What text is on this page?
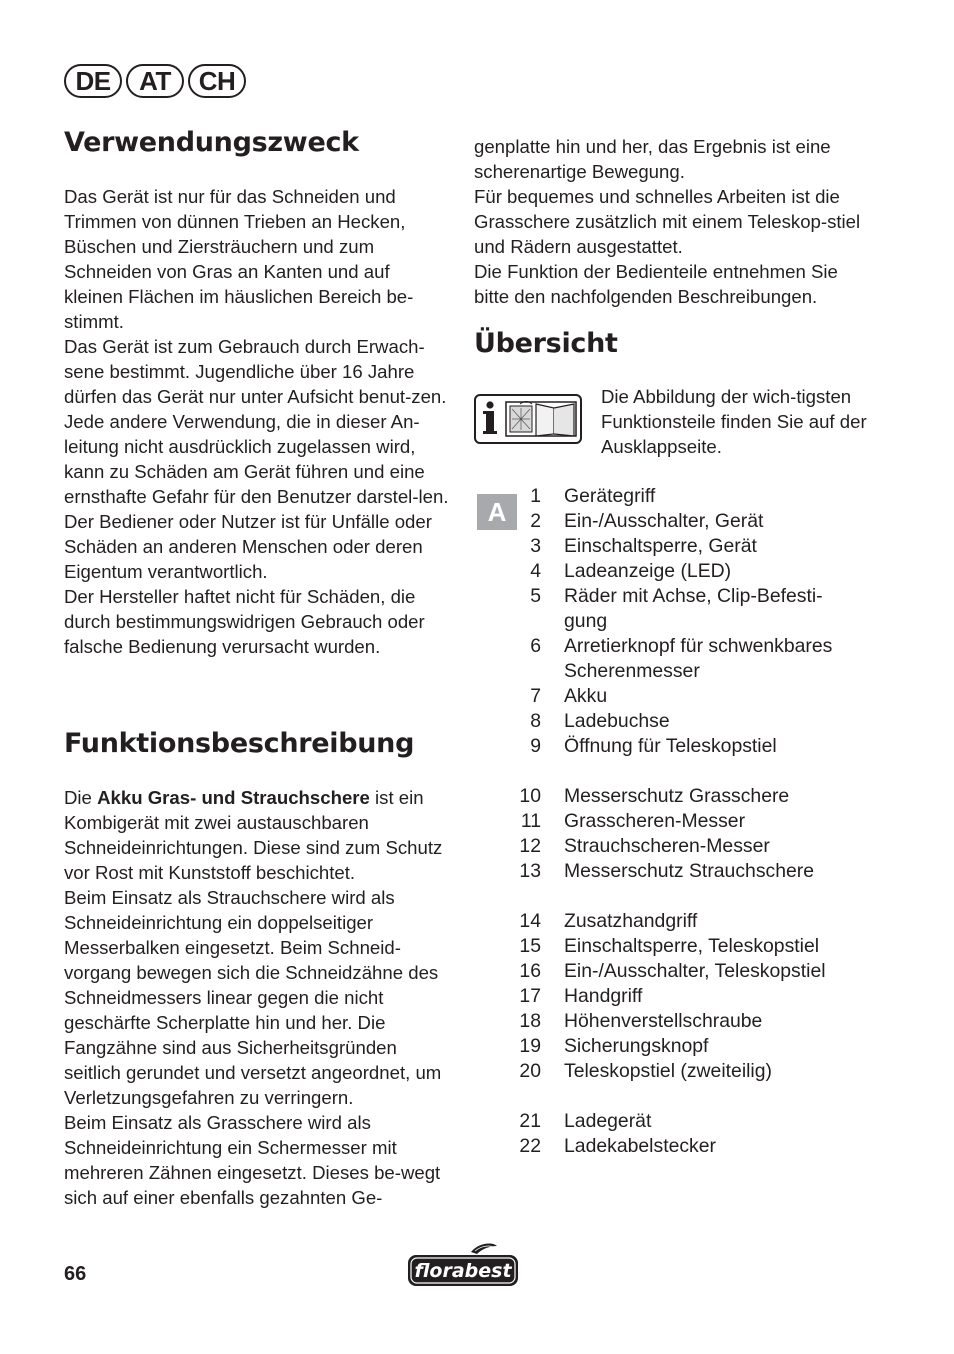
DE	AT	CH
Verwendungszweck

Das Gerät ist nur für das Schneiden und Trimmen von dünnen Trieben an Hecken, Büschen und Ziersträuchern und zum Schneiden von Gras an Kanten und auf kleinen Flächen im häuslichen Bereich be-stimmt.

Das Gerät ist zum Gebrauch durch Erwach-sene bestimmt. Jugendliche über 16 Jahre dürfen das Gerät nur unter Aufsicht benut-zen.

Jede andere Verwendung, die in dieser An-leitung nicht ausdrücklich zugelassen wird, kann zu Schäden am Gerät führen und eine ernsthafte Gefahr für den Benutzer darstel-len.

Der Bediener oder Nutzer ist für Unfälle oder Schäden an anderen Menschen oder deren Eigentum verantwortlich.

Der Hersteller haftet nicht für Schäden, die durch bestimmungswidrigen Gebrauch oder falsche Bedienung verursacht wurden.

Funktionsbeschreibung

Die Akku Gras- und Strauchschere ist ein Kombigerät mit zwei austauschbaren Schneideinrichtungen. Diese sind zum Schutz vor Rost mit Kunststoff beschichtet.

Beim Einsatz als Strauchschere wird als Schneideinrichtung ein doppelseitiger Messerbalken eingesetzt. Beim Schneid-vorgang bewegen sich die Schneidzähne des Schneidmessers linear gegen die nicht geschärfte Scherplatte hin und her. Die Fangzähne sind aus Sicherheitsgründen seitlich gerundet und versetzt angeordnet, um Verletzungsgefahren zu verringern.

Beim Einsatz als Grasschere wird als Schneideinrichtung ein Schermesser mit mehreren Zähnen eingesetzt. Dieses be-wegt sich auf einer ebenfalls gezahnten Ge-

genplatte hin und her, das Ergebnis ist eine scherenartige Bewegung.

Für bequemes und schnelles Arbeiten ist die Grasschere zusätzlich mit einem Teleskop-stiel und Rädern ausgestattet.

Die Funktion der Bedienteile entnehmen Sie bitte den nachfolgenden Beschreibungen.

Übersicht
Die Abbildung der wich-tigsten Funktionsteile finden Sie auf der Ausklappseite.
A
1 Gerätegriff
2 Ein-/Ausschalter, Gerät
3 Einschaltsperre, Gerät
4 Ladeanzeige (LED)
5 Räder mit Achse, Clip-Befesti-gung
6 Arretierknopf für schwenkbares Scherenmesser
7 Akku
8 Ladebuchse
9 Öffnung für Teleskopstiel
10 Messerschutz Grasschere
11 Grasscheren-Messer
12 Strauchscheren-Messer
13 Messerschutz Strauchschere
14 Zusatzhandgriff
15 Einschaltsperre, Teleskopstiel
16 Ein-/Ausschalter, Teleskopstiel
17 Handgriff
18 Höhenverstellschraube
19 Sicherungsknopf
20 Teleskopstiel (zweiteilig)
21 Ladegerät
22 Ladekabelstecker
66	florabest
